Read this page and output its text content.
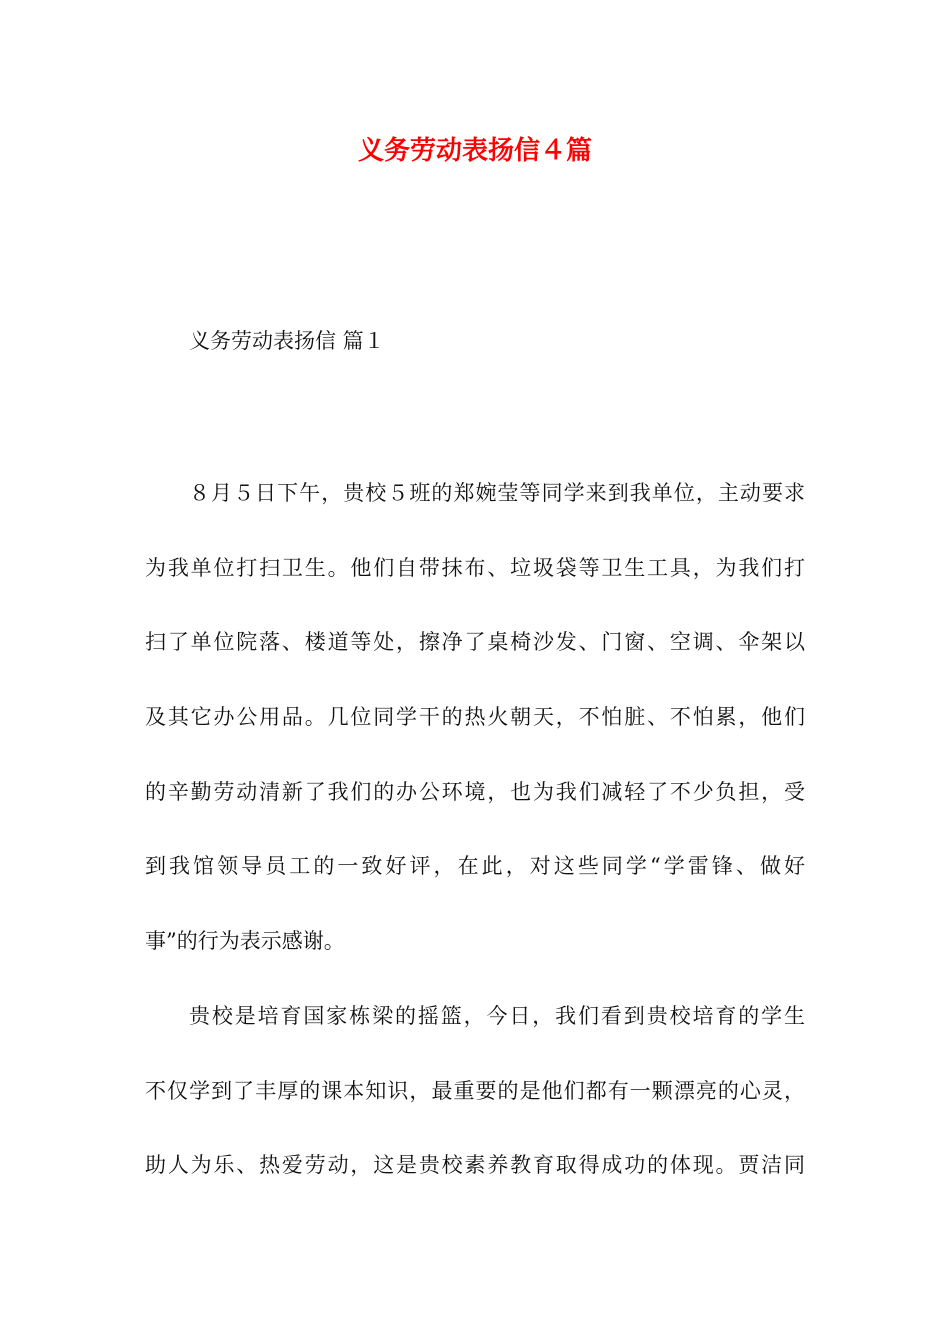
义务劳动表扬信４篇
义务劳动表扬信 篇１
８月５日下午，贵校５班的郑婉莹等同学来到我单位，主动要求
为我单位打扫卫生。他们自带抹布、垃圾袋等卫生工具，为我们打
扫了单位院落、楼道等处，擦净了桌椅沙发、门窗、空调、伞架以
及其它办公用品。几位同学干的热火朝天，不怕脏、不怕累，他们
的辛勤劳动清新了我们的办公环境，也为我们减轻了不少负担，受
到我馆领导员工的一致好评，在此，对这些同学“学雷锋、做好
事”的行为表示感谢。
贵校是培育国家栋梁的摇篮，今日，我们看到贵校培育的学生
不仅学到了丰厚的课本知识，最重要的是他们都有一颗漂亮的心灵，
助人为乐、热爱劳动，这是贵校素养教育取得成功的体现。贾洁同
